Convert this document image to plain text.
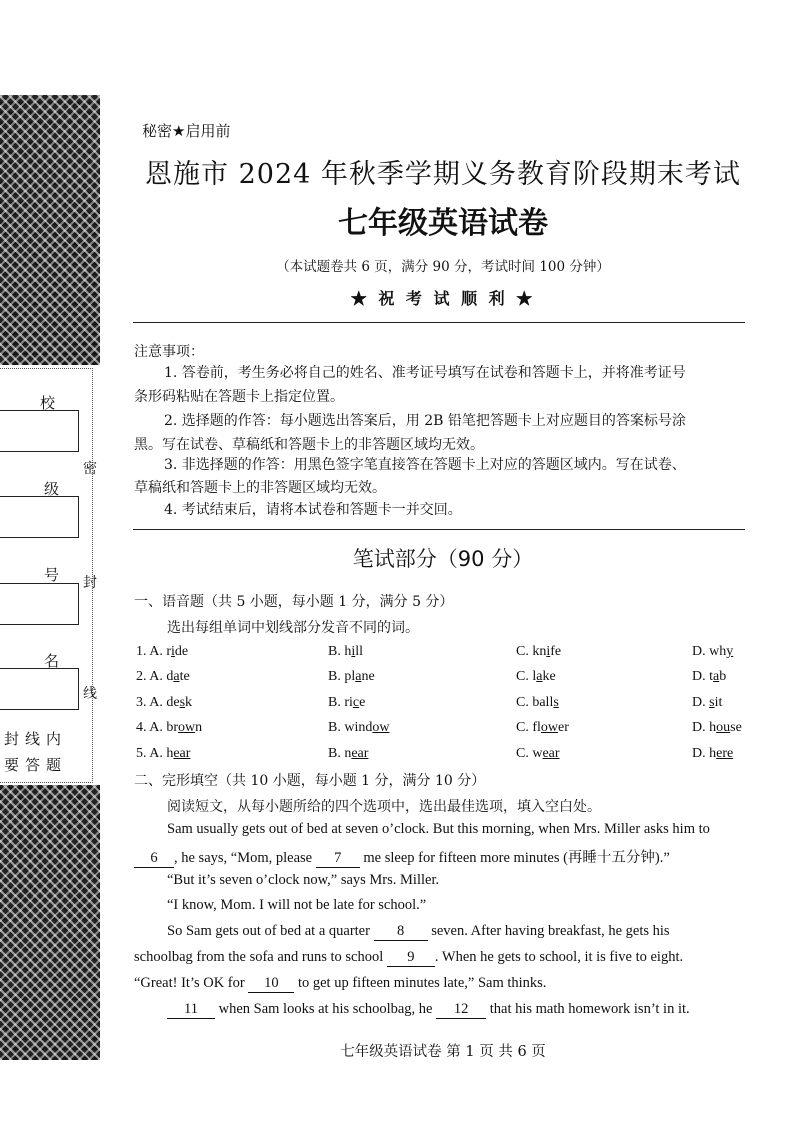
校
级
号
名
密
封
线
封线内
要答题
秘密★启用前
恩施市 2024 年秋季学期义务教育阶段期末考试
七年级英语试卷
（本试题卷共 6 页，满分 90 分，考试时间 100 分钟）
★ 祝 考 试 顺 利 ★
注意事项：
1. 答卷前，考生务必将自己的姓名、准考证号填写在试卷和答题卡上，并将准考证号
条形码粘贴在答题卡上指定位置。
2. 选择题的作答：每小题选出答案后，用 2B 铅笔把答题卡上对应题目的答案标号涂
黑。写在试卷、草稿纸和答题卡上的非答题区域均无效。
3. 非选择题的作答：用黑色签字笔直接答在答题卡上对应的答题区域内。写在试卷、
草稿纸和答题卡上的非答题区域均无效。
4. 考试结束后，请将本试卷和答题卡一并交回。
笔试部分（90 分）
一、语音题（共 5 小题，每小题 1 分，满分 5 分）
选出每组单词中划线部分发音不同的词。
1. A. ride	B. hill	C. knife	D. why
2. A. date	B. plane	C. lake	D. tab
3. A. desk	B. rice	C. balls	D. sit
4. A. brown	B. window	C. flower	D. house
5. A. hear	B. near	C. wear	D. here
二、完形填空（共 10 小题，每小题 1 分，满分 10 分）
阅读短文，从每小题所给的四个选项中，选出最佳选项，填入空白处。
Sam usually gets out of bed at seven o’clock. But this morning, when Mrs. Miller asks him to
6 , he says, “Mom, please 7 me sleep for fifteen more minutes (再睡十五分钟).”
“But it’s seven o’clock now,” says Mrs. Miller.
“I know, Mom. I will not be late for school.”
So Sam gets out of bed at a quarter 8 seven. After having breakfast, he gets his
schoolbag from the sofa and runs to school 9 . When he gets to school, it is five to eight.
“Great! It’s OK for 10 to get up fifteen minutes late,” Sam thinks.
11 when Sam looks at his schoolbag, he 12 that his math homework isn’t in it.
七年级英语试卷 第 1 页 共 6 页
